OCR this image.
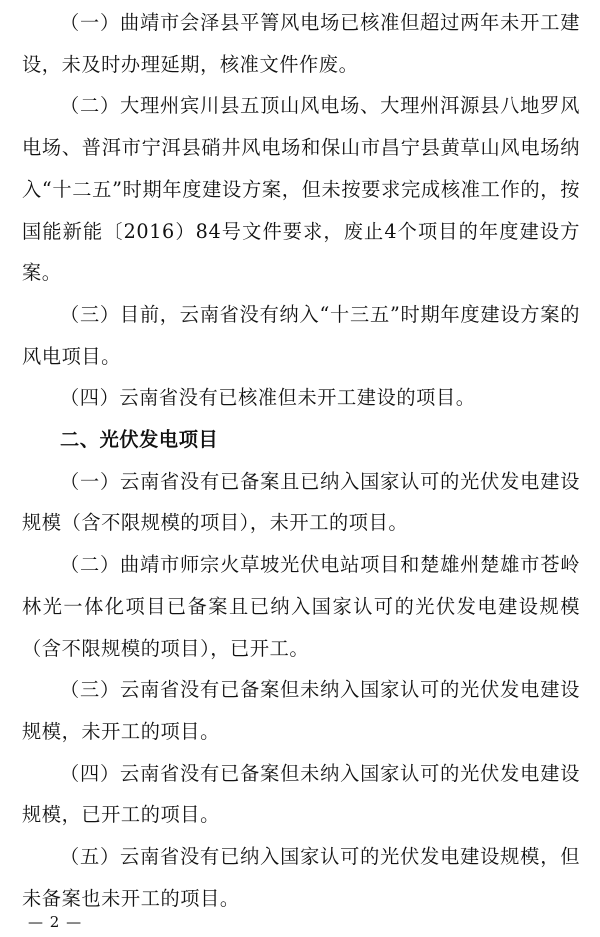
（一）曲靖市会泽县平箐风电场已核准但超过两年未开工建设，未及时办理延期，核准文件作废。

（二）大理州宾川县五顶山风电场、大理州洱源县八地罗风电场、普洱市宁洱县硝井风电场和保山市昌宁县黄草山风电场纳入“十二五”时期年度建设方案，但未按要求完成核准工作的，按国能新能〔2016）84号文件要求，废止4个项目的年度建设方案。

（三）目前，云南省没有纳入“十三五”时期年度建设方案的风电项目。

（四）云南省没有已核准但未开工建设的项目。

二、光伏发电项目

（一）云南省没有已备案且已纳入国家认可的光伏发电建设规模（含不限规模的项目），未开工的项目。

（二）曲靖市师宗火草坡光伏电站项目和楚雄州楚雄市苍岭林光一体化项目已备案且已纳入国家认可的光伏发电建设规模（含不限规模的项目），已开工。

（三）云南省没有已备案但未纳入国家认可的光伏发电建设规模，未开工的项目。

（四）云南省没有已备案但未纳入国家认可的光伏发电建设规模，已开工的项目。

（五）云南省没有已纳入国家认可的光伏发电建设规模，但未备案也未开工的项目。

— 2 —
